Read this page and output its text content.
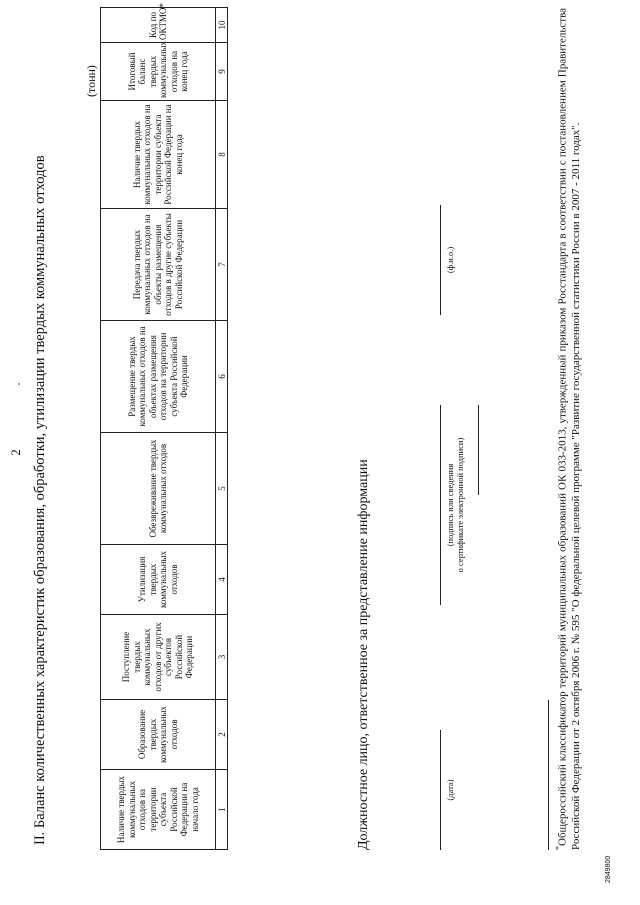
2 II. Баланс количественных характеристик образования, обработки, утилизации твердых коммунальных отходов
(тонн)
Наличие твердых коммунальных отходов на территории субъекта Российской Федерации на начало года	Образование твердых коммунальных отходов	Поступление твердых коммунальных отходов от других субъектов Российской Федерации	Утилизация твердых коммунальных отходов	Обезвреживание твердых коммунальных отходов	Размещение твердых коммунальных отходов на объектах размещения отходов на территории субъекта Российской Федерации	Передача твердых коммунальных отходов на объекты размещения отходов в другие субъекты Российской Федерации	Наличие твердых коммунальных отходов на территории субъекта Российской Федерации на конец года	Итоговый баланс твердых коммунальных отходов на конец года	Код по ОКТМО*
1	2	3	4	5	6	7	8	9	10
Должностное лицо, ответственное за представление информации	(дата)
(подпись или сведения о сертификате электронной подписи)
(ф.и.о.)
*Общероссийский классификатор территорий муниципальных образований ОК 033-2013, утвержденный приказом Росстандарта в соответствии с постановлением Правительства Российской Федерации от 2 октября 2006 г. № 595 "О федеральной целевой программе "Развитие государственной статистики России в 2007 - 2011 годах".
2849800
